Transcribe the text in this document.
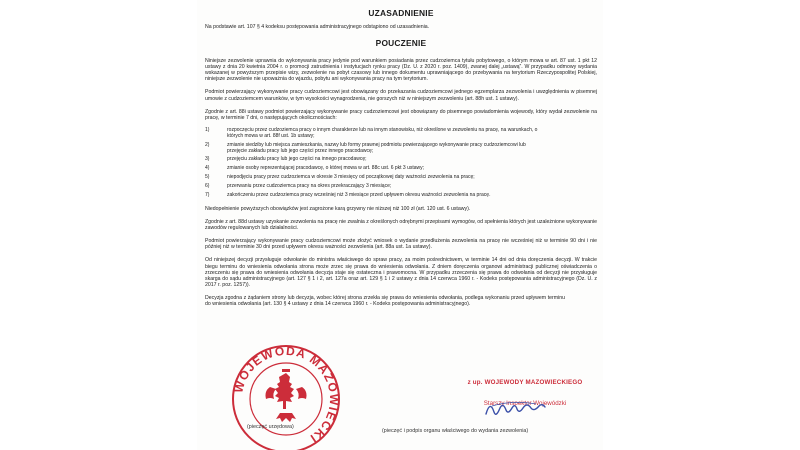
UZASADNIENIE

Na podstawie art. 107 § 4 kodeksu postępowania administracyjnego odstąpiono od uzasadnienia.

POUCZENIE

Niniejsze zezwolenie uprawnia do wykonywania pracy jedynie pod warunkiem posiadania przez cudzoziemca tytułu pobytowego, o którym mowa w art. 87 ust. 1 pkt 12 ustawy z dnia 20 kwietnia 2004 r. o promocji zatrudnienia i instytucjach rynku pracy (Dz. U. z 2020 r. poz. 1409), zwanej dalej „ustawą”. W przypadku odmowy wydania wskazanej w powyższym przepisie wizy, zezwolenie na pobyt czasowy lub innego dokumentu uprawniającego do przebywania na terytorium Rzeczypospolitej Polskiej, niniejsze zezwolenie nie upoważnia do wjazdu, pobytu ani wykonywania pracy na tym terytorium.

Podmiot powierzający wykonywanie pracy cudzoziemcowi jest obowiązany do przekazania cudzoziemcowi jednego egzemplarza zezwolenia i uwzględnienia w pisemnej umowie z cudzoziemcem warunków, w tym wysokości wynagrodzenia, nie gorszych niż w niniejszym zezwoleniu (art. 88h ust. 1 ustawy).

Zgodnie z art. 88i ustawy podmiot powierzający wykonywanie pracy cudzoziemcowi jest obowiązany do pisemnego powiadomienia wojewody, który wydał zezwolenie na pracę, w terminie 7 dni, o następujących okolicznościach:

1)	rozpoczęciu przez cudzoziemca pracy o innym charakterze lub na innym stanowisku, niż określone w zezwoleniu na pracę, na warunkach, o których mowa w art. 88f ust. 1b ustawy;
2)	zmianie siedziby lub miejsca zamieszkania, nazwy lub formy prawnej podmiotu powierzającego wykonywanie pracy cudzoziemcowi lub przejęcie zakładu pracy lub jego części przez innego pracodawcę;
3)	przejęciu zakładu pracy lub jego części na innego pracodawcę;
4)	zmianie osoby reprezentującej pracodawcę, o której mowa w art. 88c ust. 6 pkt 3 ustawy;
5)	niepodjęciu pracy przez cudzoziemca w okresie 3 miesięcy od początkowej daty ważności zezwolenia na pracę;
6)	przerwaniu przez cudzoziemca pracy na okres przekraczający 3 miesiące;
7)	zakończeniu przez cudzoziemca pracy wcześniej niż 3 miesiące przed upływem okresu ważności zezwolenia na pracę.

Niedopełnienie powyższych obowiązków jest zagrożone karą grzywny nie niższej niż 100 zł (art. 120 ust. 6 ustawy).

Zgodnie z art. 88d ustawy uzyskanie zezwolenia na pracę nie zwalnia z określonych odrębnymi przepisami wymogów, od spełnienia których jest uzależnione wykonywanie zawodów regulowanych lub działalności.

Podmiot powierzający wykonywanie pracy cudzoziemcowi może złożyć wniosek o wydanie przedłużenia zezwolenia na pracę nie wcześniej niż w terminie 90 dni i nie później niż w terminie 30 dni przed upływem okresu ważności zezwolenia (art. 88a ust. 1a ustawy).

Od niniejszej decyzji przysługuje odwołanie do ministra właściwego do spraw pracy, za moim pośrednictwem, w terminie 14 dni od dnia doręczenia decyzji. W trakcie biegu terminu do wniesienia odwołania strona może zrzec się prawa do wniesienia odwołania. Z dniem doręczenia organowi administracji publicznej oświadczenia o zrzeczeniu się prawa do wniesienia odwołania decyzja staje się ostateczna i prawomocna. W przypadku zrzeczenia się prawa do odwołania od decyzji nie przysługuje skarga do sądu administracyjnego (art. 127 § 1 i 2, art. 127a oraz art. 129 § 1 i 2 ustawy z dnia 14 czerwca 1960 r. - Kodeks postępowania administracyjnego (Dz. U. z 2017 r. poz. 1257)).

Decyzja zgodna z żądaniem strony lub decyzja, wobec której strona zrzekła się prawa do wniesienia odwołania, podlega wykonaniu przed upływem terminu do wniesienia odwołania (art. 130 § 4 ustawy z dnia 14 czerwca 1960 r. - Kodeks postępowania administracyjnego).

WOJEWODA MAZOWIECKI
z up. WOJEWODY MAZOWIECKIEGO
Starszy Inspektor Wojewódzki
(pieczęć urzędowa)
(pieczęć i podpis organu właściwego do wydania zezwolenia)
